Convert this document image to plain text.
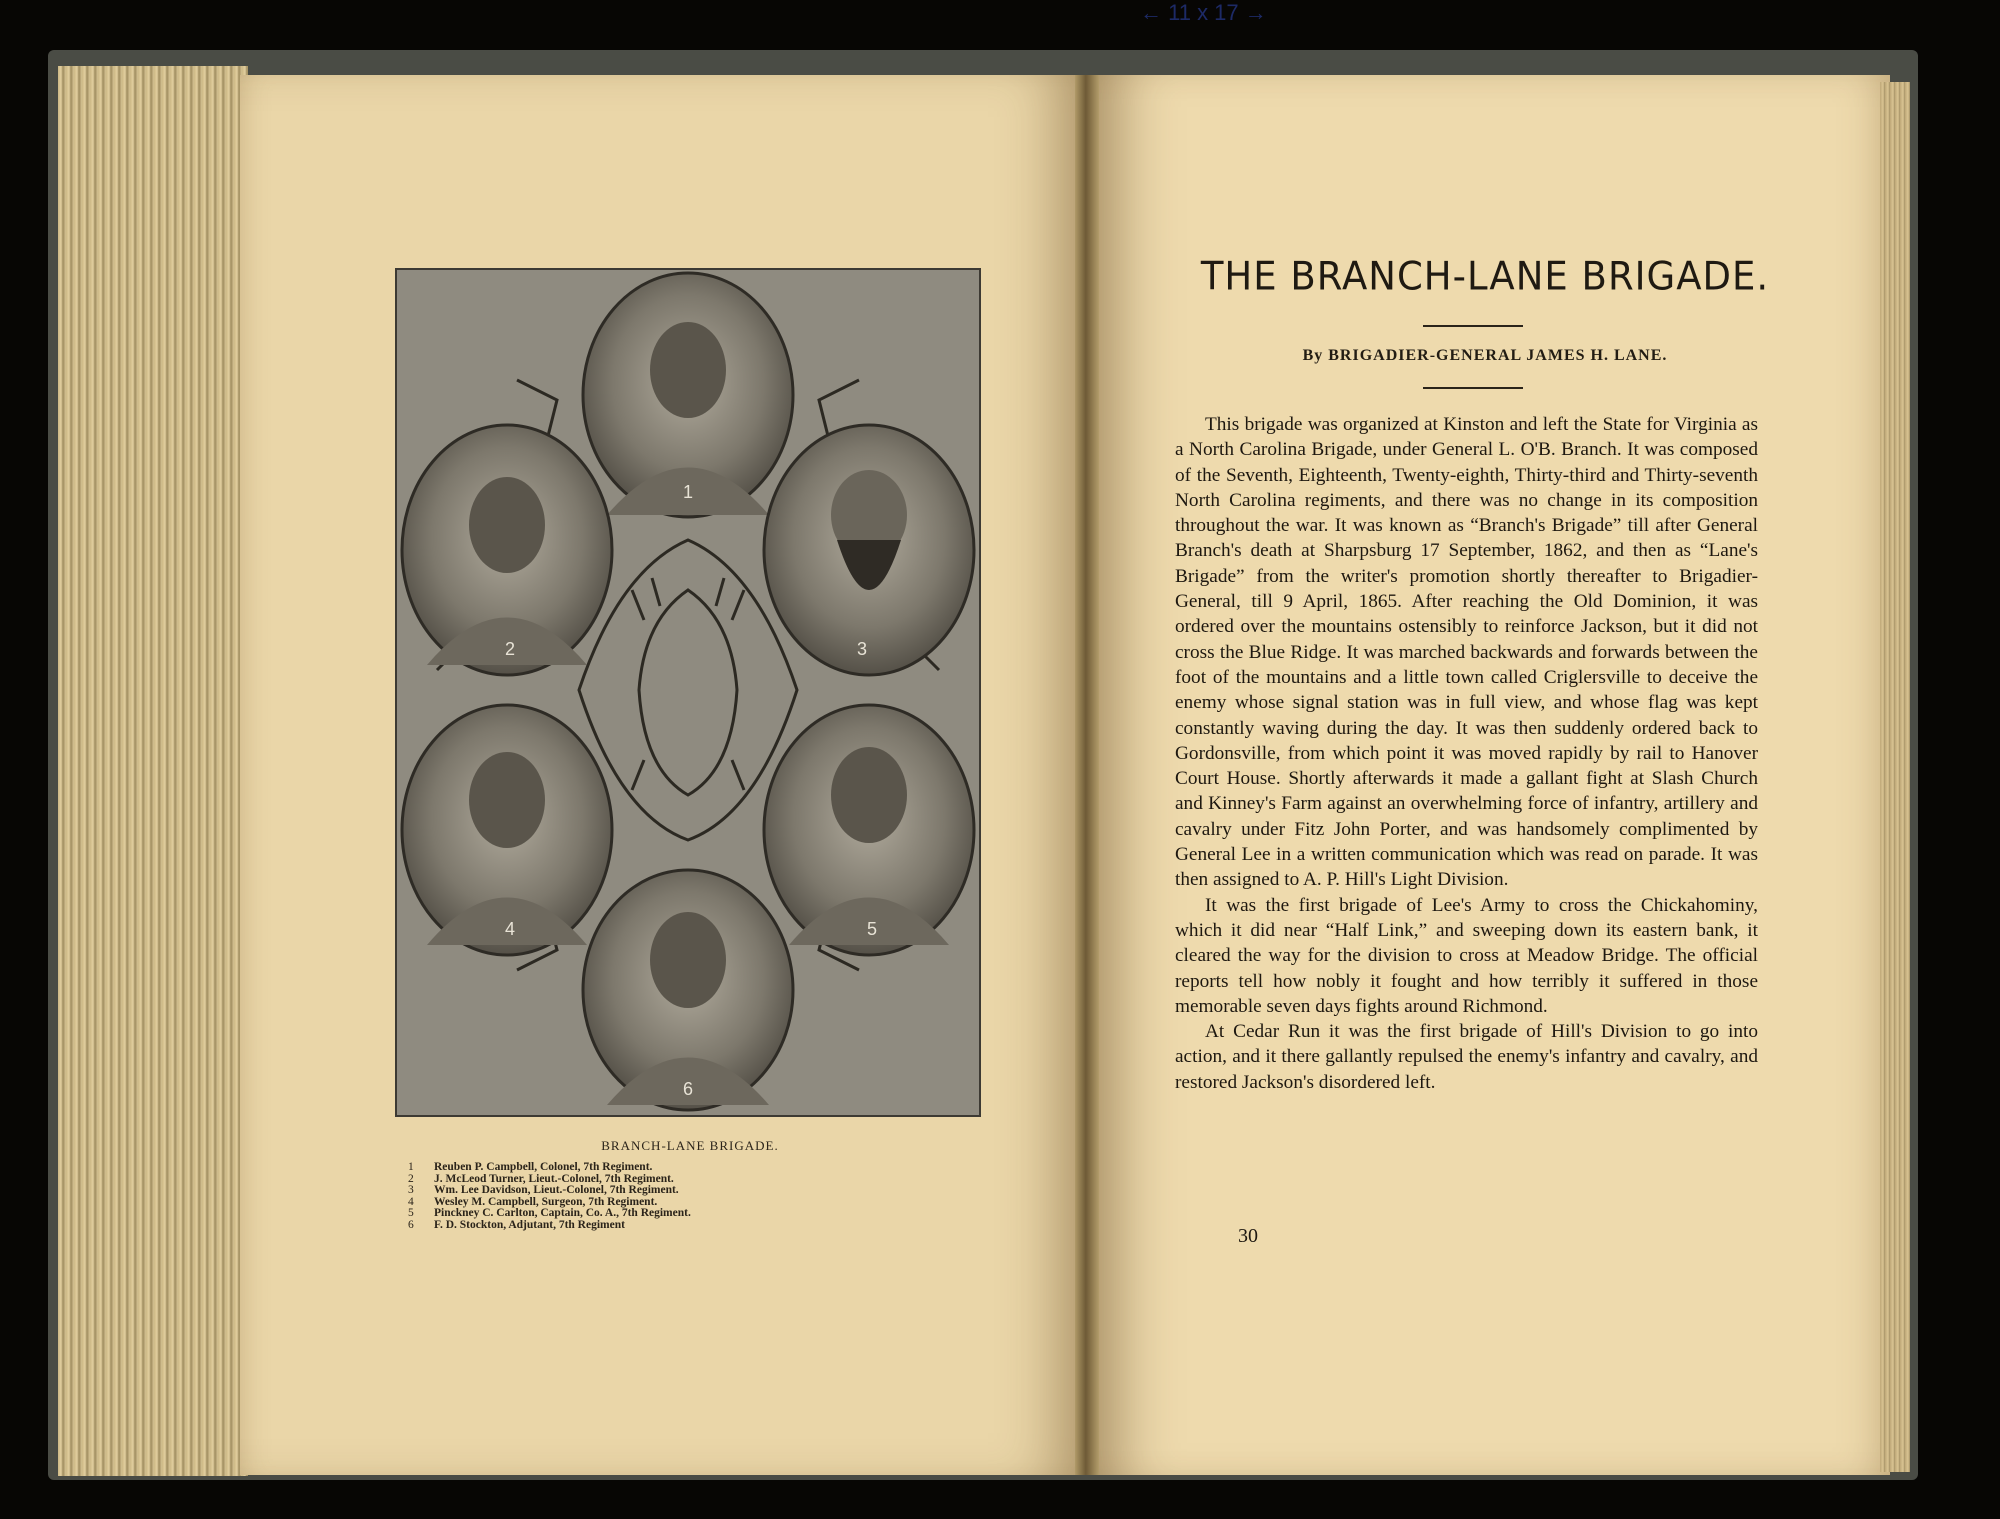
← 11 x 17 →
1
2	3
4	5
6
BRANCH-LANE BRIGADE.
1	Reuben P. Campbell, Colonel, 7th Regiment.
2	J. McLeod Turner, Lieut.-Colonel, 7th Regiment.
3	Wm. Lee Davidson, Lieut.-Colonel, 7th Regiment.
4	Wesley M. Campbell, Surgeon, 7th Regiment.
5	Pinckney C. Carlton, Captain, Co. A., 7th Regiment.
6	F. D. Stockton, Adjutant, 7th Regiment
THE BRANCH-LANE BRIGADE.
By BRIGADIER-GENERAL JAMES H. LANE.

This brigade was organized at Kinston and left the State for Virginia as a North Carolina Brigade, under General L. O'B. Branch. It was composed of the Seventh, Eighteenth, Twenty-eighth, Thirty-third and Thirty-seventh North Carolina regiments, and there was no change in its composition throughout the war. It was known as “Branch's Brigade” till after General Branch's death at Sharpsburg 17 September, 1862, and then as “Lane's Brigade” from the writer's promotion shortly thereafter to Brigadier-General, till 9 April, 1865. After reaching the Old Dominion, it was ordered over the mountains ostensibly to reinforce Jackson, but it did not cross the Blue Ridge. It was marched backwards and forwards between the foot of the mountains and a little town called Criglersville to deceive the enemy whose signal station was in full view, and whose flag was kept constantly waving during the day. It was then suddenly ordered back to Gordonsville, from which point it was moved rapidly by rail to Hanover Court House. Shortly afterwards it made a gallant fight at Slash Church and Kinney's Farm against an overwhelming force of infantry, artillery and cavalry under Fitz John Porter, and was handsomely complimented by General Lee in a written communication which was read on parade. It was then assigned to A. P. Hill's Light Division.

It was the first brigade of Lee's Army to cross the Chickahominy, which it did near “Half Link,” and sweeping down its eastern bank, it cleared the way for the division to cross at Meadow Bridge. The official reports tell how nobly it fought and how terribly it suffered in those memorable seven days fights around Richmond.

At Cedar Run it was the first brigade of Hill's Division to go into action, and it there gallantly repulsed the enemy's infantry and cavalry, and restored Jackson's disordered left.

30
